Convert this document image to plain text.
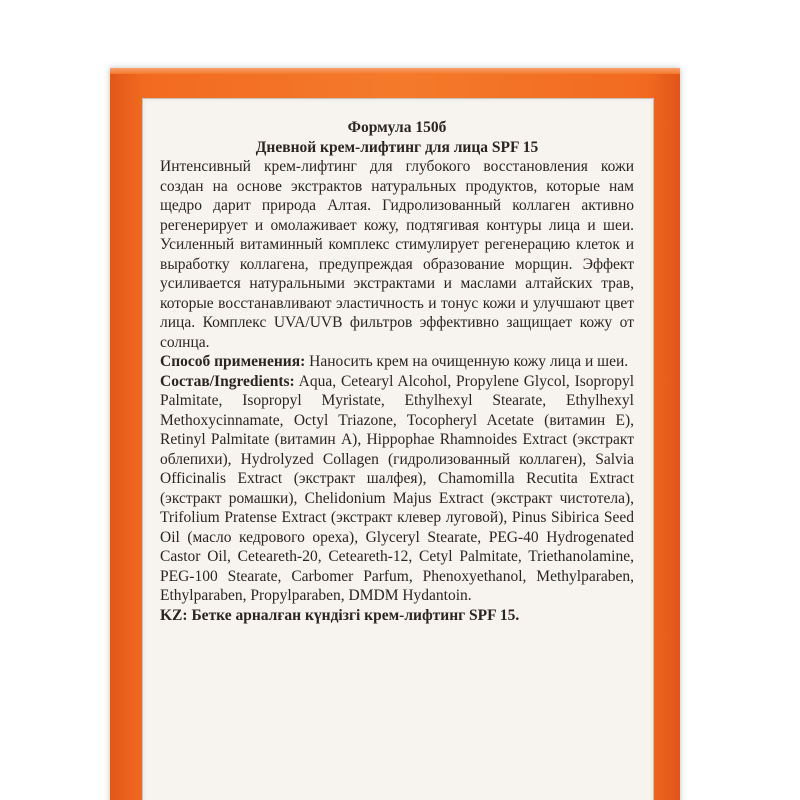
Формула 150б

Дневной крем-лифтинг для лица SPF 15

Интенсивный крем-лифтинг для глубокого восстановления кожи создан на основе экстрактов натуральных продуктов, которые нам щедро дарит природа Алтая. Гидролизованный коллаген активно регенерирует и омолаживает кожу, подтягивая контуры лица и шеи. Усиленный витаминный комплекс стимулирует регенерацию клеток и выработку коллагена, предупреждая образование морщин. Эффект усиливается натуральными экстрактами и маслами алтайских трав, которые восстанавливают эластичность и тонус кожи и улучшают цвет лица. Комплекс UVA/UVB фильтров эффективно защищает кожу от солнца.

Способ применения: Наносить крем на очищенную кожу лица и шеи.

Состав/Ingredients: Aqua, Cetearyl Alcohol, Propylene Glycol, Isopropyl Palmitate, Isopropyl Myristate, Ethylhexyl Stearate, Ethylhexyl Methoxycinnamate, Octyl Triazone, Tocopheryl Acetate (витамин Е), Retinyl Palmitate (витамин А), Hippophae Rhamnoides Extract (экстракт облепихи), Hydrolyzed Collagen (гидролизованный коллаген), Salvia Officinalis Extract (экстракт шалфея), Chamomilla Recutita Extract (экстракт ромашки), Chelidonium Majus Extract (экстракт чистотела), Trifolium Pratense Extract (экстракт клевер луговой), Pinus Sibirica Seed Oil (масло кедрового ореха), Glyceryl Stearate, PEG-40 Hydrogenated Castor Oil, Ceteareth-20, Ceteareth-12, Cetyl Palmitate, Triethanolamine, PEG-100 Stearate, Carbomer Parfum, Phenoxyethanol, Methylparaben, Ethylparaben, Propylparaben, DMDM Hydantoin.

KZ: Бетке арналған күндізгі крем-лифтинг SPF 15.
